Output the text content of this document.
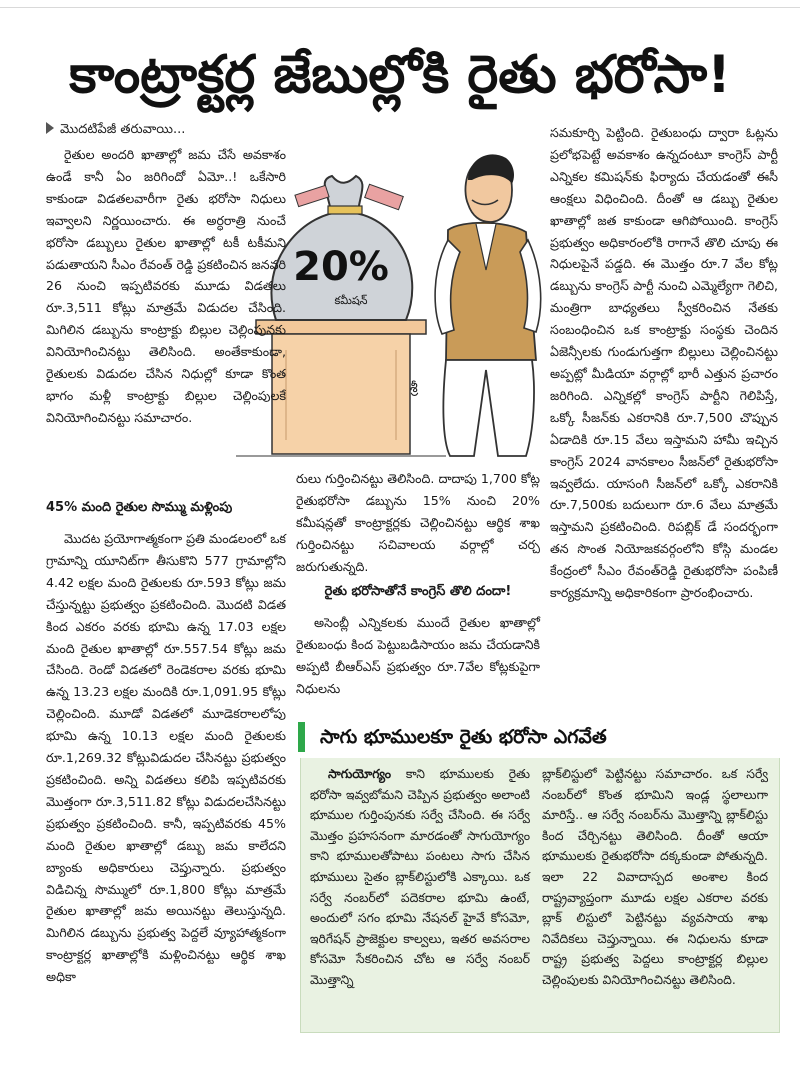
కాంట్రాక్టర్ల జేబుల్లోకి రైతు భరోసా!
మొదటిపేజీ తరువాయి...
20%
కమీషన్
శ్రీ

రైతుల అందరి ఖాతాల్లో జమ చేసే అవకాశం ఉండే కానీ ఏం జరిగిందో ఏమో..! ఒకేసారి కాకుండా విడతలవారీగా రైతు భరోసా నిధులు ఇవ్వాలని నిర్ణయించారు. ఈ అర్ధరాత్రి నుంచే భరోసా డబ్బులు రైతుల ఖాతాల్లో టకీ టకీమని పడుతాయని సీఎం రేవంత్ రెడ్డి ప్రకటించిన జనవరి 26 నుంచి ఇప్పటివరకు మూడు విడతలు రూ.3,511 కోట్లు మాత్రమే విడుదల చేసింది. మిగిలిన డబ్బును కాంట్రాక్టు బిల్లుల చెల్లింపునకు వినియోగించినట్టు తెలిసింది. అంతేకాకుండా, రైతులకు విడుదల చేసిన నిధుల్లో కూడా కొంత భాగం మళ్లీ కాంట్రాక్టు బిల్లుల చెల్లింపులకే వినియోగించినట్టు సమాచారం.

45% మంది రైతుల సొమ్ము మళ్లింపు

మొదట ప్రయోగాత్మకంగా ప్రతి మండలంలో ఒక గ్రామాన్ని యూనిట్‌గా తీసుకొని 577 గ్రామాల్లోని 4.42 లక్షల మంది రైతులకు రూ.593 కోట్లు జమ చేస్తున్నట్టు ప్రభుత్వం ప్రకటించింది. మొదటి విడత కింద ఎకరం వరకు భూమి ఉన్న 17.03 లక్షల మంది రైతుల ఖాతాల్లో రూ.557.54 కోట్లు జమ చేసింది. రెండో విడతలో రెండెకరాల వరకు భూమి ఉన్న 13.23 లక్షల మందికి రూ.1,091.95 కోట్లు చెల్లించింది. మూడో విడతలో మూడెకరాలలోపు భూమి ఉన్న 10.13 లక్షల మంది రైతులకు రూ.1,269.32 కోట్లువిడుదల చేసినట్టు ప్రభుత్వం ప్రకటించింది. అన్ని విడతలు కలిపి ఇప్పటివరకు మొత్తంగా రూ.3,511.82 కోట్లు విడుదలచేసినట్టు ప్రభుత్వం ప్రకటించింది. కానీ, ఇప్పటివరకు 45% మంది రైతుల ఖాతాల్లో డబ్బు జమ కాలేదని బ్యాంకు అధికారులు చెప్తున్నారు. ప్రభుత్వం విడిచిన్న సొమ్ములో రూ.1,800 కోట్లు మాత్రమే రైతుల ఖాతాల్లో జమ అయినట్టు తెలుస్తున్నది. మిగిలిన డబ్బును ప్రభుత్వ పెద్దలే వ్యూహాత్మకంగా కాంట్రాక్టర్ల ఖాతాల్లోకి మళ్లించినట్టు ఆర్థిక శాఖ అధికా

రులు గుర్తించినట్టు తెలిసింది. దాదాపు 1,700 కోట్ల రైతుభరోసా డబ్బును 15% నుంచి 20% కమీషన్లతో కాంట్రాక్టర్లకు చెల్లించినట్టు ఆర్థిక శాఖ గుర్తించినట్టు సచివాలయ వర్గాల్లో చర్చ జరుగుతున్నది.

రైతు భరోసాతోనే కాంగ్రెస్ తొలి దందా!

అసెంబ్లీ ఎన్నికలకు ముందే రైతుల ఖాతాల్లో రైతుబంధు కింద పెట్టుబడిసాయం జమ చేయడానికి అప్పటి బీఆర్ఎస్ ప్రభుత్వం రూ.7వేల కోట్లకుపైగా నిధులను

సమకూర్చి పెట్టింది. రైతుబంధు ద్వారా ఓట్లను ప్రలోభపెట్టే అవకాశం ఉన్నదంటూ కాంగ్రెస్ పార్టీ ఎన్నికల కమిషన్‌కు ఫిర్యాదు చేయడంతో ఈసీ ఆంక్షలు విధించింది. దీంతో ఆ డబ్బు రైతుల ఖాతాల్లో జత కాకుండా ఆగిపోయింది. కాంగ్రెస్ ప్రభుత్వం అధికారంలోకి రాగానే తొలి చూపు ఈ నిధులపైనే పడ్డది. ఈ మొత్తం రూ.7 వేల కోట్ల డబ్బును కాంగ్రెస్ పార్టీ నుంచి ఎమ్మెల్యేగా గెలిచి, మంత్రిగా బాధ్యతలు స్వీకరించిన నేతకు సంబంధించిన ఒక కాంట్రాక్టు సంస్థకు చెందిన ఏజెన్సీలకు గుండుగుత్తగా బిల్లులు చెల్లించినట్టు అప్పట్లో మీడియా వర్గాల్లో భారీ ఎత్తున ప్రచారం జరిగింది. ఎన్నికల్లో కాంగ్రెస్ పార్టీని గెలిపిస్తే, ఒక్కో సీజన్‌కు ఎకరానికి రూ.7,500 చొప్పున ఏడాదికి రూ.15 వేలు ఇస్తామని హామీ ఇచ్చిన కాంగ్రెస్ 2024 వానకాలం సీజన్‌లో రైతుభరోసా ఇవ్వలేదు. యాసంగి సీజన్‌లో ఒక్కో ఎకరానికి రూ.7,500కు బదులుగా రూ.6 వేలు మాత్రమే ఇస్తామని ప్రకటించింది. రిపబ్లిక్ డే సందర్భంగా తన సొంత నియోజకవర్గంలోని కోస్గి మండల కేంద్రంలో సీఎం రేవంత్‌రెడ్డి రైతుభరోసా పంపిణీ కార్యక్రమాన్ని అధికారికంగా ప్రారంభించారు.

సాగు భూములకూ రైతు భరోసా ఎగవేత

సాగుయోగ్యం కాని భూములకు రైతు భరోసా ఇవ్వబోమని చెప్పిన ప్రభుత్వం అలాంటి భూముల గుర్తింపునకు సర్వే చేసింది. ఈ సర్వే మొత్తం ప్రహసనంగా మారడంతో సాగుయోగ్యం కాని భూములతోపాటు పంటలు సాగు చేసిన భూములు సైతం బ్లాక్‌లిస్టులోకి ఎక్కాయి. ఒక సర్వే నంబర్‌లో పదెకరాల భూమి ఉంటే, అందులో సగం భూమి నేషనల్ హైవే కోసమో, ఇరిగేషన్ ప్రాజెక్టుల కాల్వలు, ఇతర అవసరాల కోసమో సేకరించిన చోట ఆ సర్వే నంబర్ మొత్తాన్ని

బ్లాక్‌లిస్టులో పెట్టినట్టు సమాచారం. ఒక సర్వే నంబర్‌లో కొంత భూమిని ఇండ్ల స్థలాలుగా మారిస్తే.. ఆ సర్వే నంబర్‌ను మొత్తాన్ని బ్లాక్‌లిస్టు కింద చేర్చినట్టు తెలిసింది. దీంతో ఆయా భూములకు రైతుభరోసా దక్కకుండా పోతున్నది. ఇలా 22 వివాదాస్పద అంశాల కింద రాష్ట్రవ్యాప్తంగా మూడు లక్షల ఎకరాల వరకు బ్లాక్ లిస్టులో పెట్టినట్టు వ్యవసాయ శాఖ నివేదికలు చెప్తున్నాయి. ఈ నిధులను కూడా రాష్ట్ర ప్రభుత్వ పెద్దలు కాంట్రాక్టర్ల బిల్లుల చెల్లింపులకు వినియోగించినట్టు తెలిసింది.
